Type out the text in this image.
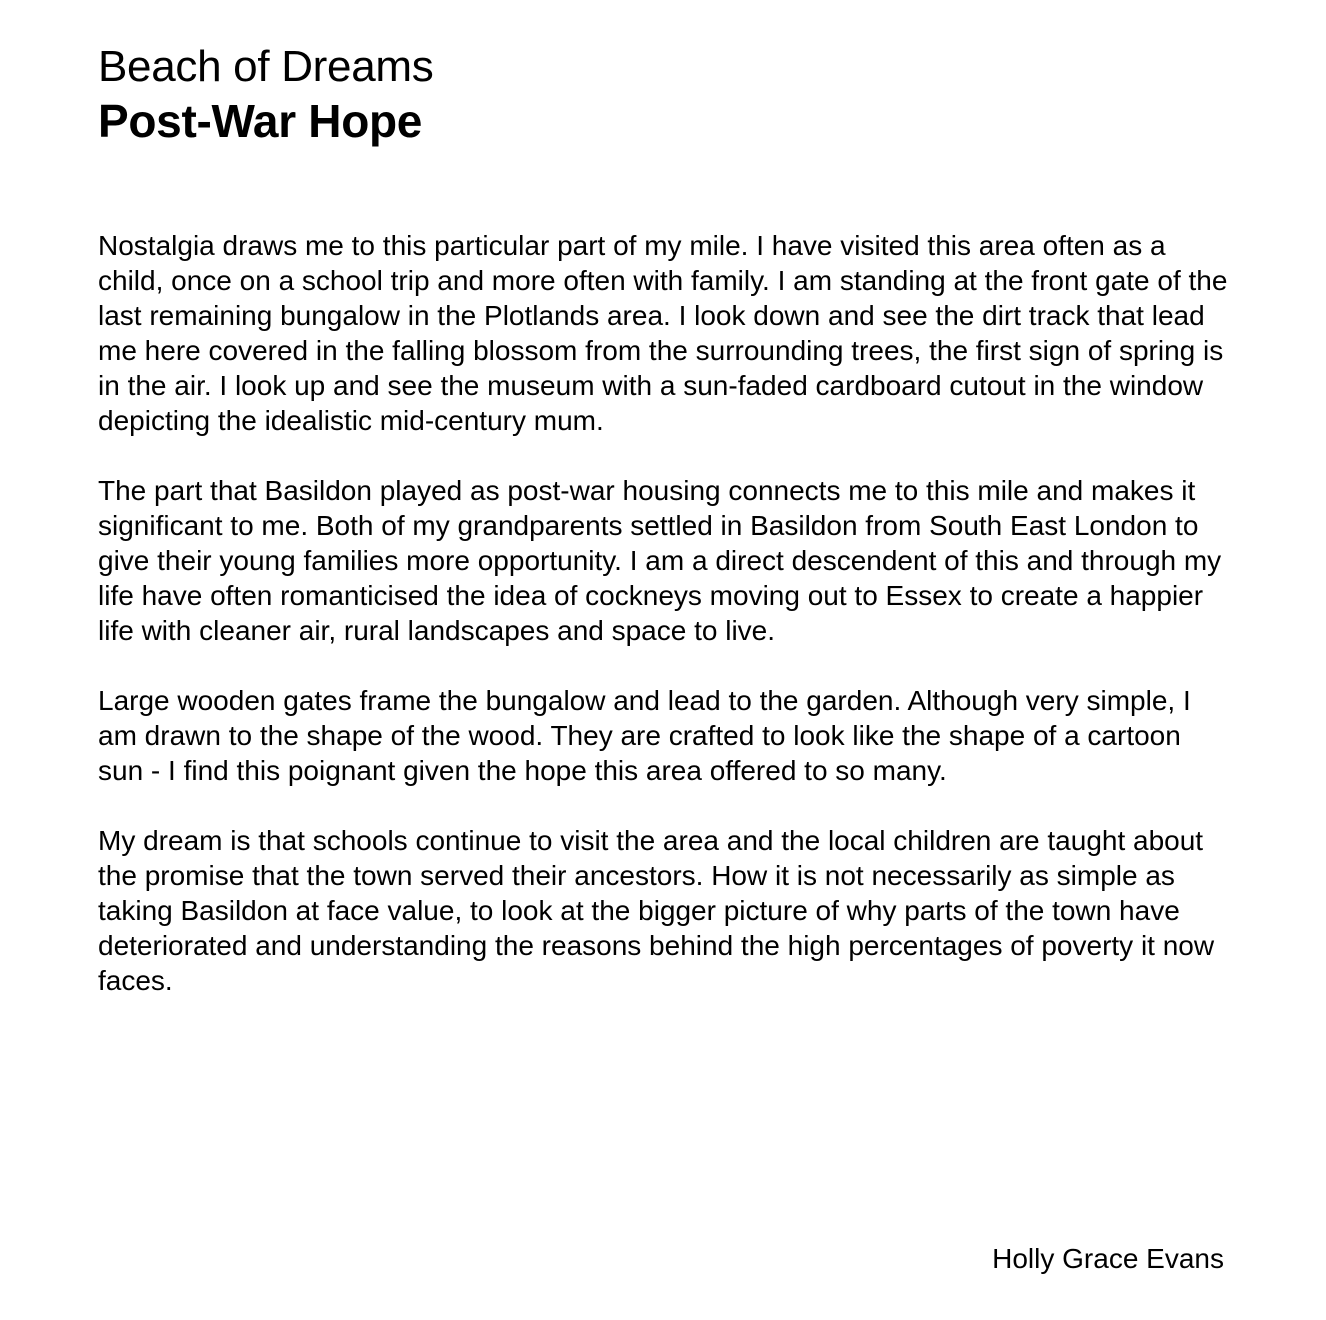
Beach of Dreams
Post-War Hope

Nostalgia draws me to this particular part of my mile. I have visited this area often as a child, once on a school trip and more often with family. I am standing at the front gate of the last remaining bungalow in the Plotlands area. I look down and see the dirt track that lead me here covered in the falling blossom from the surrounding trees, the first sign of spring is in the air. I look up and see the museum with a sun-faded cardboard cutout in the window depicting the idealistic mid-century mum.

The part that Basildon played as post-war housing connects me to this mile and makes it significant to me. Both of my grandparents settled in Basildon from South East London to give their young families more opportunity. I am a direct descendent of this and through my life have often romanticised the idea of cockneys moving out to Essex to create a happier life with cleaner air, rural landscapes and space to live.

Large wooden gates frame the bungalow and lead to the garden. Although very simple, I am drawn to the shape of the wood. They are crafted to look like the shape of a cartoon sun - I find this poignant given the hope this area offered to so many.

My dream is that schools continue to visit the area and the local children are taught about the promise that the town served their ancestors. How it is not necessarily as simple as taking Basildon at face value, to look at the bigger picture of why parts of the town have deteriorated and understanding the reasons behind the high percentages of poverty it now faces.

Holly Grace Evans
